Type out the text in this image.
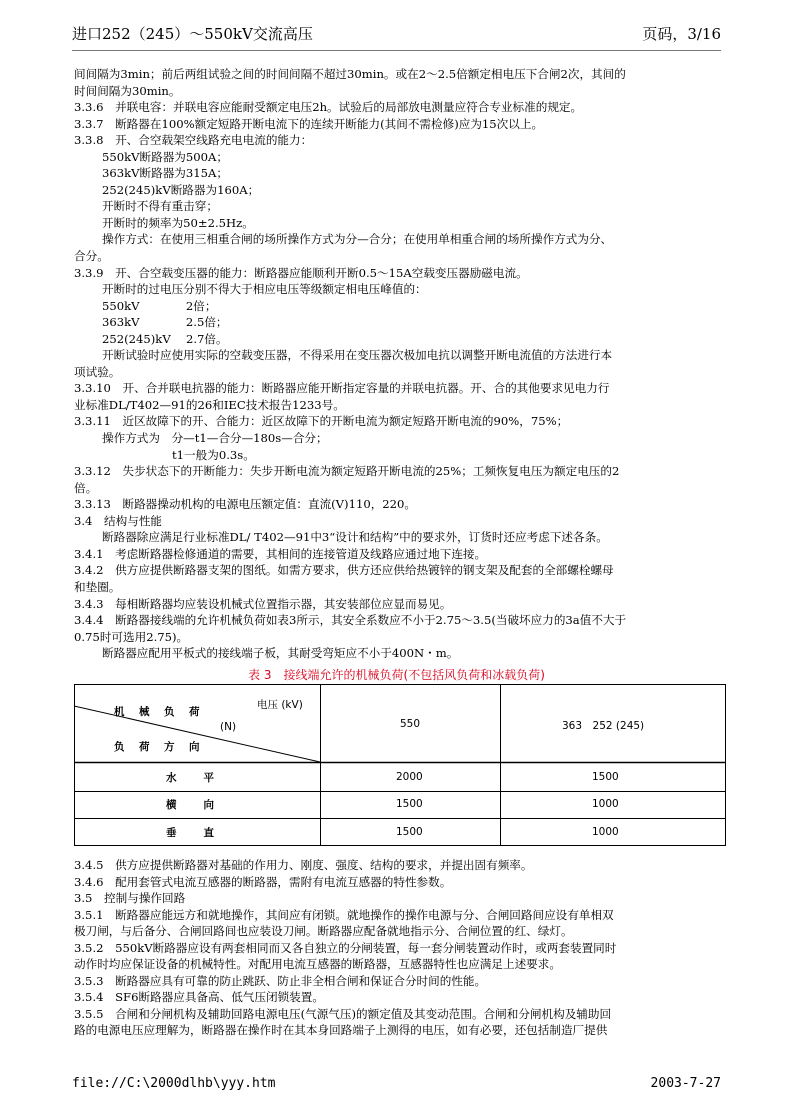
进口252（245）～550kV交流高压	页码，3/16

间间隔为3min；前后两组试验之间的时间间隔不超过30min。或在2～2.5倍额定相电压下合闸2次，其间的

时间间隔为30min。

3.3.6　并联电容：并联电容应能耐受额定电压2h。试验后的局部放电测量应符合专业标准的规定。

3.3.7　断路器在100%额定短路开断电流下的连续开断能力(其间不需检修)应为15次以上。

3.3.8　开、合空载架空线路充电电流的能力：

550kV断路器为500A；

363kV断路器为315A；

252(245)kV断路器为160A；

开断时不得有重击穿；

开断时的频率为50±2.5Hz。

操作方式：在使用三相重合闸的场所操作方式为分—合分；在使用单相重合闸的场所操作方式为分、

合分。

3.3.9　开、合空载变压器的能力：断路器应能顺利开断0.5～15A空载变压器励磁电流。

开断时的过电压分别不得大于相应电压等级额定相电压峰值的：

550kV　　　　2倍；

363kV　　　　2.5倍；

252(245)kV　 2.7倍。

开断试验时应使用实际的空载变压器，不得采用在变压器次极加电抗以调整开断电流值的方法进行本

项试验。

3.3.10　开、合并联电抗器的能力：断路器应能开断指定容量的并联电抗器。开、合的其他要求见电力行

业标准DL/T402—91的26和IEC技术报告1233号。

3.3.11　近区故障下的开、合能力：近区故障下的开断电流为额定短路开断电流的90%，75%；

操作方式为　分—t1—合分—180s—合分；

t1一般为0.3s。

3.3.12　失步状态下的开断能力：失步开断电流为额定短路开断电流的25%；工频恢复电压为额定电压的2

倍。

3.3.13　断路器操动机构的电源电压额定值：直流(V)110，220。

3.4　结构与性能

断路器除应满足行业标准DL/ T402—91中3“设计和结构”中的要求外，订货时还应考虑下述各条。

3.4.1　考虑断路器检修通道的需要，其相间的连接管道及线路应通过地下连接。

3.4.2　供方应提供断路器支架的图纸。如需方要求，供方还应供给热镀锌的钢支架及配套的全部螺栓螺母

和垫圈。

3.4.3　每相断路器均应装设机械式位置指示器，其安装部位应显而易见。

3.4.4　断路器接线端的允许机械负荷如表3所示，其安全系数应不小于2.75～3.5(当破坏应力的3a值不大于

0.75时可选用2.75)。

断路器应配用平板式的接线端子板，其耐受弯矩应不小于400N・m。

表 3　接线端允许的机械负荷(不包括风负荷和冰载负荷)
机　械　负　荷
(N)
电压 (kV)
负　荷　方　向
550	363　252 (245)
水　　平	2000	1500
横　　向	1500	1000
垂　　直	1500	1000

3.4.5　供方应提供断路器对基础的作用力、刚度、强度、结构的要求，并提出固有频率。

3.4.6　配用套管式电流互感器的断路器，需附有电流互感器的特性参数。

3.5　控制与操作回路

3.5.1　断路器应能远方和就地操作，其间应有闭锁。就地操作的操作电源与分、合闸回路间应设有单相双

极刀闸，与后备分、合闸回路间也应装设刀闸。断路器应配备就地指示分、合闸位置的红、绿灯。

3.5.2　550kV断路器应设有两套相同而又各自独立的分闸装置，每一套分闸装置动作时，或两套装置同时

动作时均应保证设备的机械特性。对配用电流互感器的断路器，互感器特性也应满足上述要求。

3.5.3　断路器应具有可靠的防止跳跃、防止非全相合闸和保证合分时间的性能。

3.5.4　SF6断路器应具备高、低气压闭锁装置。

3.5.5　合闸和分闸机构及辅助回路电源电压(气源气压)的额定值及其变动范围。合闸和分闸机构及辅助回

路的电源电压应理解为，断路器在操作时在其本身回路端子上测得的电压，如有必要，还包括制造厂提供

file://C:\2000dlhb\yyy.htm	2003-7-27
